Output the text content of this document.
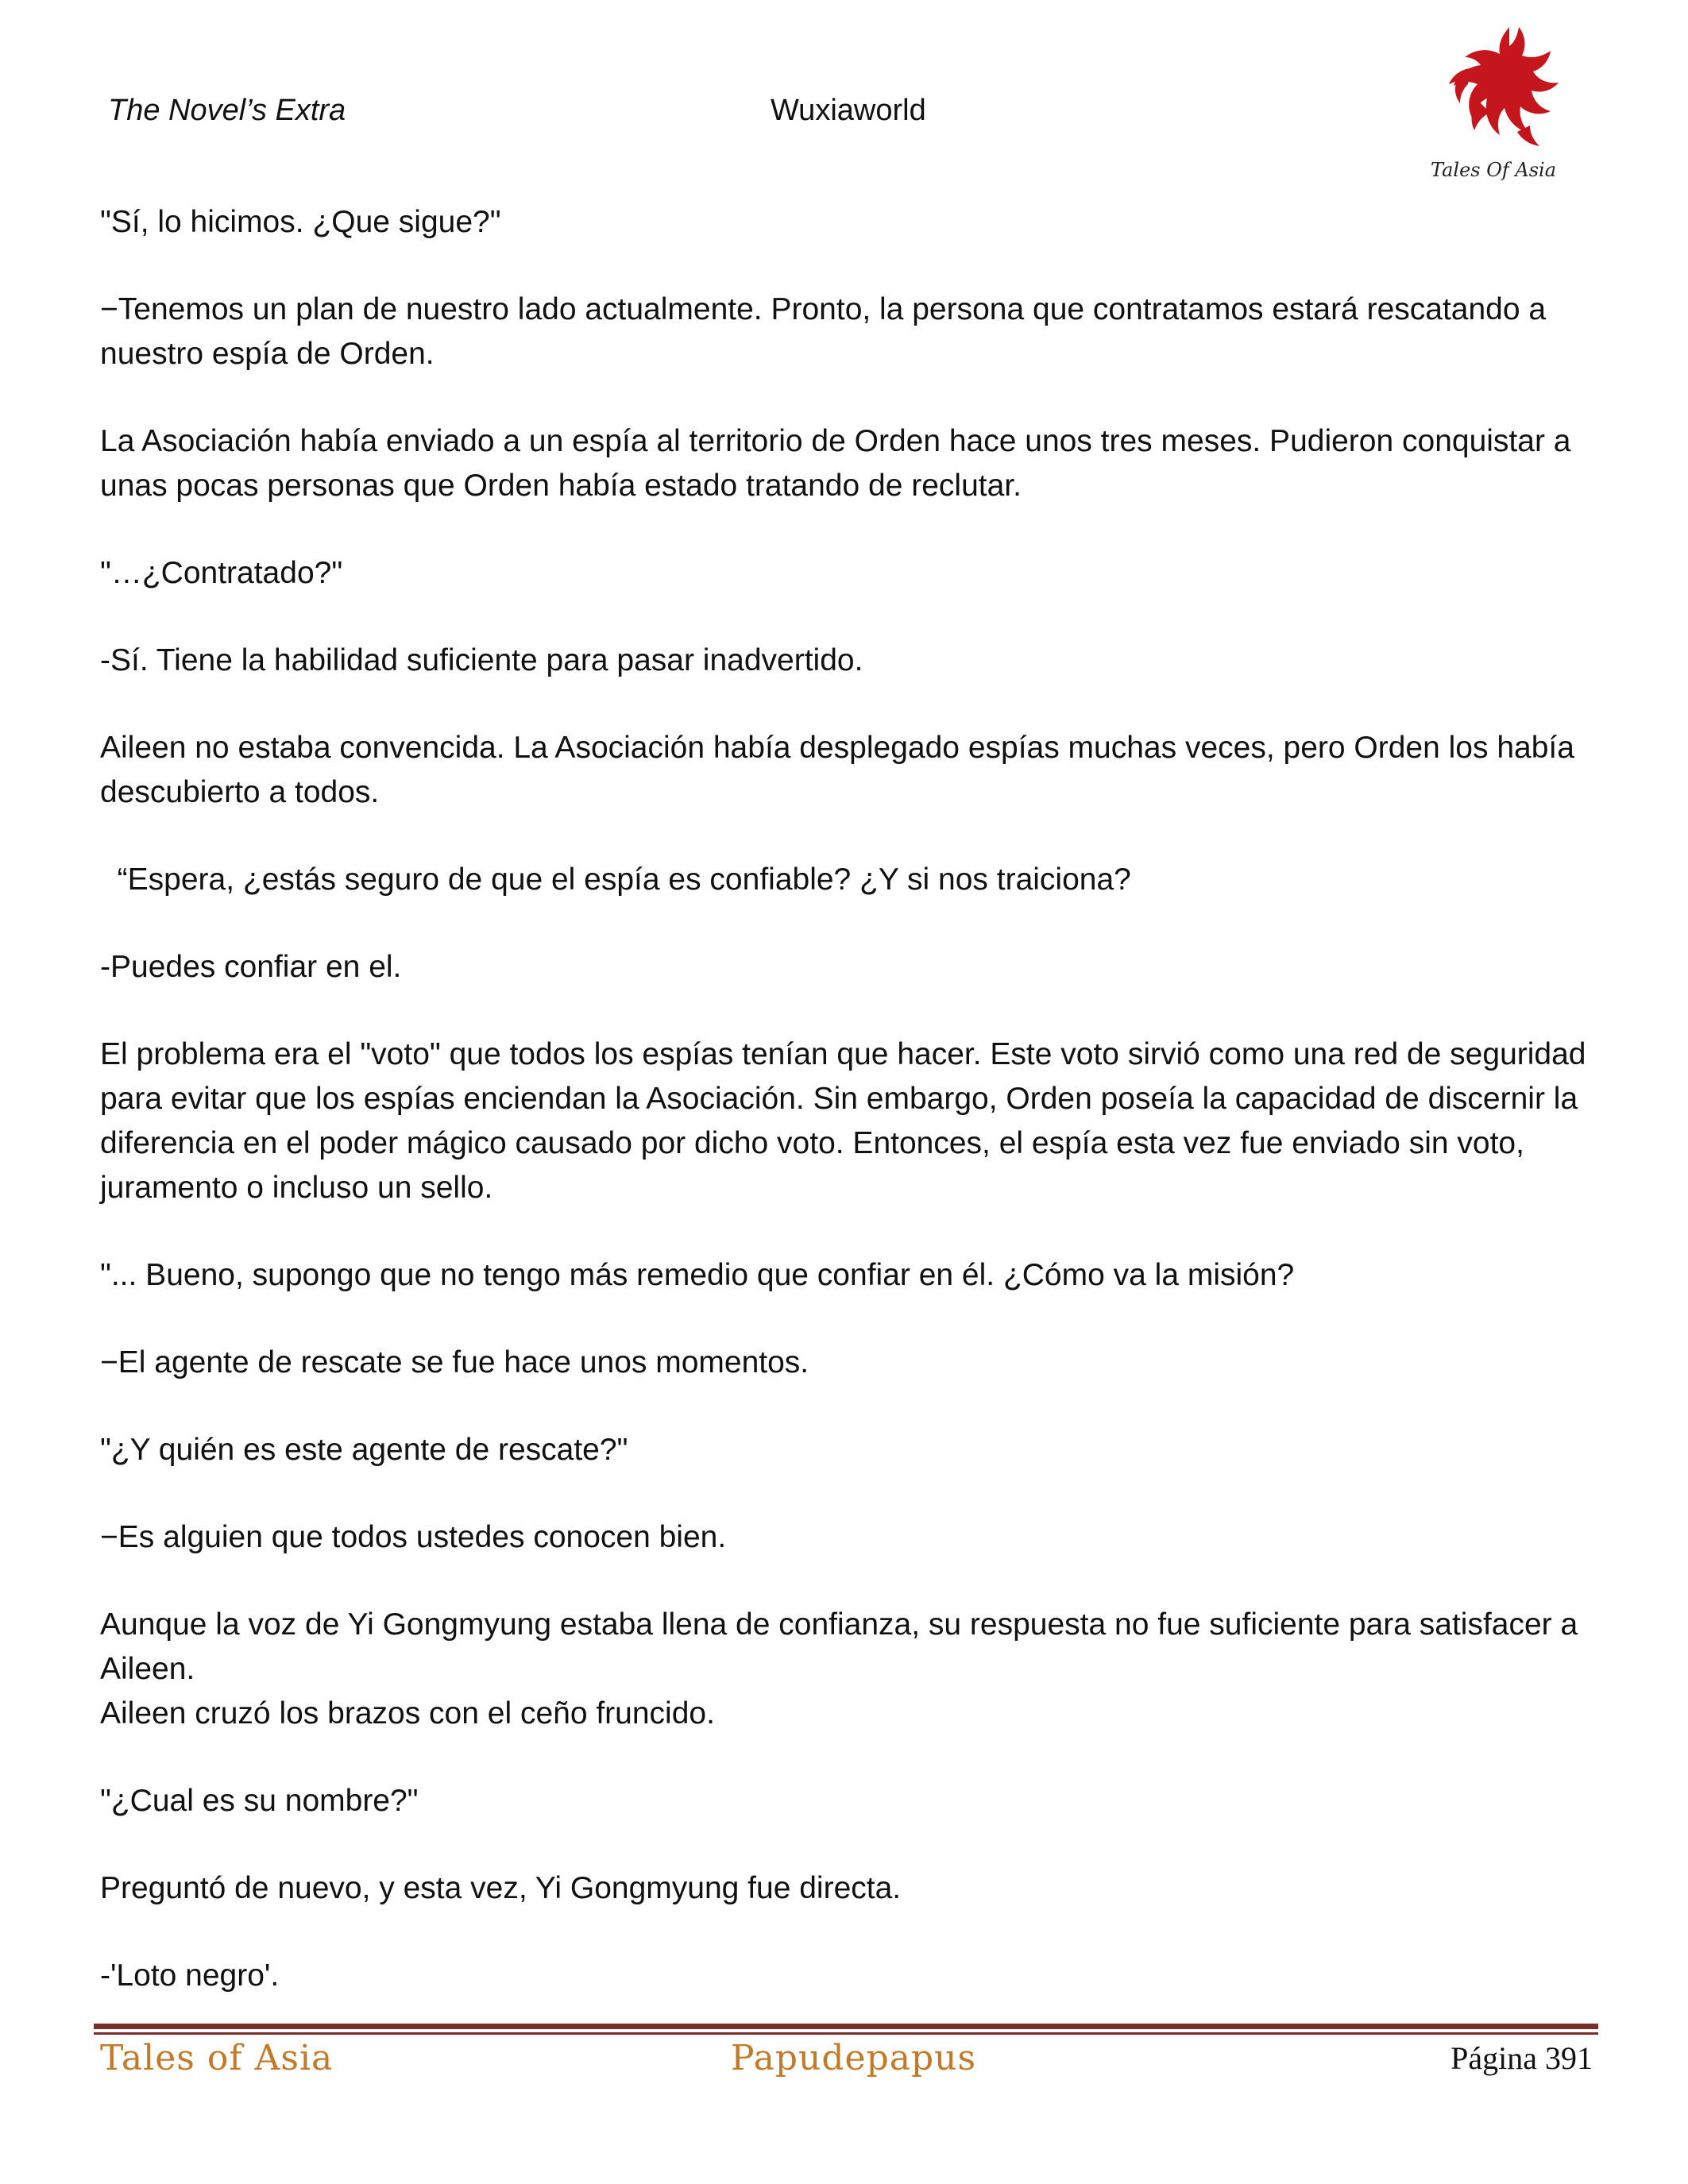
The Novel’s Extra	Wuxiaworld
Tales Of Asia

"Sí, lo hicimos. ¿Que sigue?"

−Tenemos un plan de nuestro lado actualmente. Pronto, la persona que contratamos estará rescatando a nuestro espía de Orden.

La Asociación había enviado a un espía al territorio de Orden hace unos tres meses. Pudieron conquistar a unas pocas personas que Orden había estado tratando de reclutar.

"…¿Contratado?"

-Sí. Tiene la habilidad suficiente para pasar inadvertido.

Aileen no estaba convencida. La Asociación había desplegado espías muchas veces, pero Orden los había descubierto a todos.

“Espera, ¿estás seguro de que el espía es confiable? ¿Y si nos traiciona?

-Puedes confiar en el.

El problema era el "voto" que todos los espías tenían que hacer. Este voto sirvió como una red de seguridad para evitar que los espías enciendan la Asociación. Sin embargo, Orden poseía la capacidad de discernir la diferencia en el poder mágico causado por dicho voto. Entonces, el espía esta vez fue enviado sin voto, juramento o incluso un sello.

"... Bueno, supongo que no tengo más remedio que confiar en él. ¿Cómo va la misión?

−El agente de rescate se fue hace unos momentos.

"¿Y quién es este agente de rescate?"

−Es alguien que todos ustedes conocen bien.

Aunque la voz de Yi Gongmyung estaba llena de confianza, su respuesta no fue suficiente para satisfacer a Aileen.

Aileen cruzó los brazos con el ceño fruncido.

"¿Cual es su nombre?"

Preguntó de nuevo, y esta vez, Yi Gongmyung fue directa.

-'Loto negro'.

Tales of Asia	Papudepapus	Página 391
